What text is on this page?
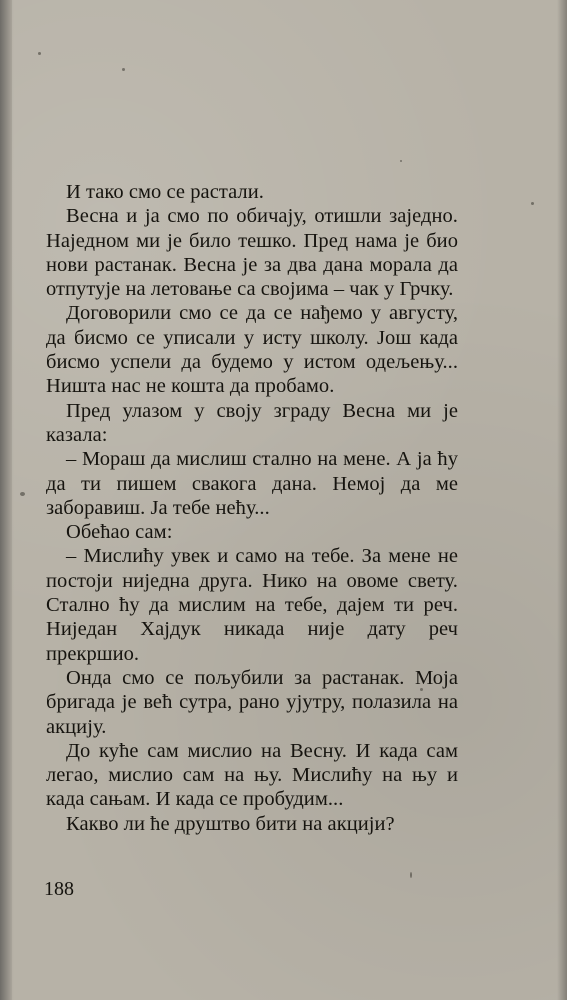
И тако смо се растали.

Весна и ја смо по обичају, отишли заједно. Наједном ми је било тешко. Пред нама је био нови растанак. Весна је за два дана морала да отпутује на летовање са својима – чак у Грчку.

Договорили смо се да се нађемо у августу, да бисмо се уписали у исту школу. Још када бисмо успели да будемо у истом одељењу... Ништа нас не кошта да пробамо.

Пред улазом у своју зграду Весна ми је казала:

– Мораш да мислиш стално на мене. А ја ћу да ти пишем свакога дана. Немој да ме заборавиш. Ја тебе нећу...

Обећао сам:

– Мислићу увек и само на тебе. За мене не постоји ниједна друга. Нико на овоме свету. Стално ћу да мислим на тебе, дајем ти реч. Ниједан Хајдук никада није дату реч прекршио.

Онда смо се пољубили за растанак. Моја бригада је већ сутра, рано ујутру, полазила на акцију.

До куће сам мислио на Весну. И када сам легао, мислио сам на њу. Мислићу на њу и када сањам. И када се пробудим...

Какво ли ће друштво бити на акцији?

188
